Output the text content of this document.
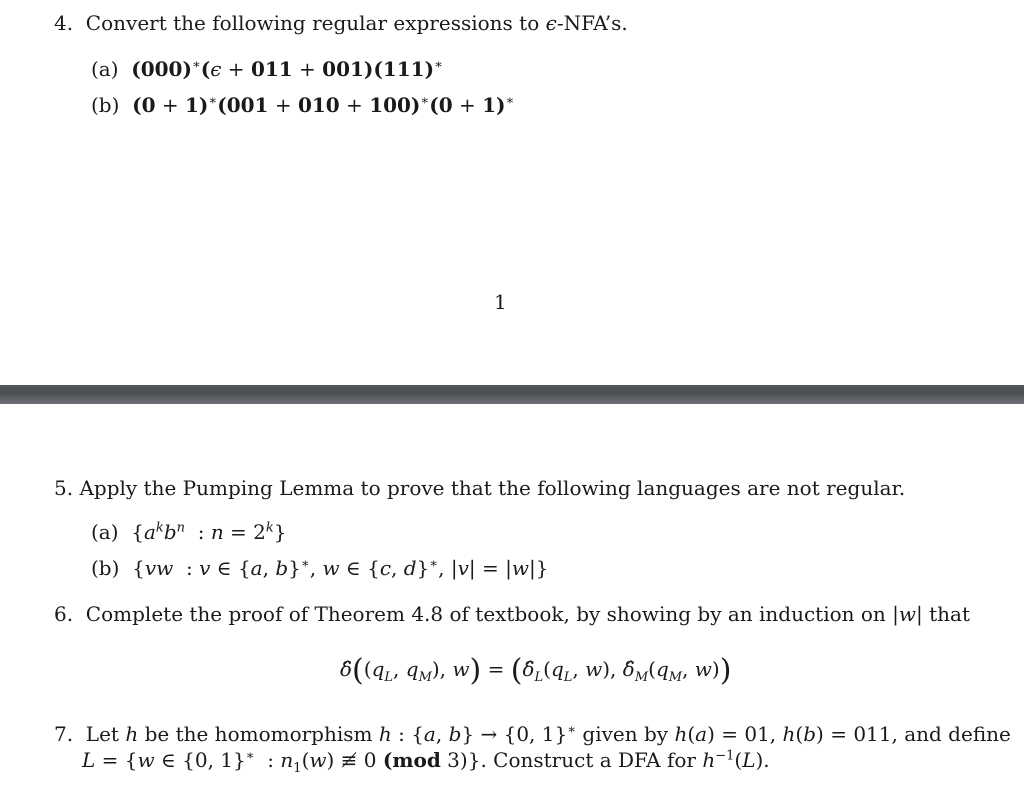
4.  Convert the following regular expressions to ϵ-NFA’s.
(a) (000)∗(ϵ + 011 + 001)(111)∗
(b) (0 + 1)∗(001 + 010 + 100)∗(0 + 1)∗
1
5. Apply the Pumping Lemma to prove that the following languages are not regular.
(a)  {$a^kb^n$  : $n = 2^k$}
(b)  {vw  : v ∈ {a, b}∗, w ∈ {c, d}∗, |v| = |w|}
6.  Complete the proof of Theorem 4.8 of textbook, by showing by an induction on |w| that
$\deltâ((q_L$, $q_M$), $w) = (\deltâ_L(q_L$, w), $\deltâ_M(q_M$, w))
7.  Let h be the homomorphism h : {a, b} → {0, 1}∗ given by h(a) = 01, h(b) = 011, and define
L = {w ∈ {0, 1}∗  : $n_1(w)$ ≢ 0 (mod 3)}. Construct a DFA for $h^{-1}(L)$.
